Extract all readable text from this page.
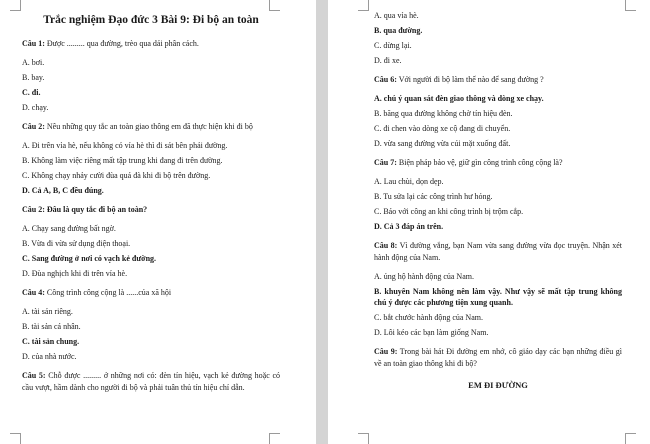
Trắc nghiệm Đạo đức 3 Bài 9: Đi bộ an toàn
Câu 1: Được ......... qua đường, trèo qua dải phân cách.
A. bơi.
B. bay.
C. đi.
D. chạy.
Câu 2: Nêu những quy tắc an toàn giao thông em đã thực hiện khi đi bộ
A. Đi trên vỉa hè, nếu không có vỉa hè thì đi sát bên phải đường.
B. Không làm việc riêng mất tập trung khi đang đi trên đường.
C. Không chạy nhảy cười đùa quá đà khi đi bộ trên đường.
D. Cả A, B, C đều đúng.
Câu 2: Đâu là quy tắc đi bộ an toàn?
A. Chạy sang đường bất ngờ.
B. Vừa đi vừa sử dụng điện thoại.
C. Sang đường ở nơi có vạch kẻ đường.
D. Đùa nghịch khi đi trên vỉa hè.
Câu 4: Công trình công cộng là ......của xã hội
A. tài sản riêng.
B. tài sản cá nhân.
C. tài sản chung.
D. của nhà nước.
Câu 5: Chỗ được ......... ở những nơi có: đèn tín hiệu, vạch kẻ đường hoặc có cầu vượt, hầm dành cho người đi bộ và phải tuân thủ tín hiệu chỉ dẫn.
A. qua vỉa hè.
B. qua đường.
C. dừng lại.
D. đi xe.
Câu 6: Với người đi bộ làm thế nào để sang đường ?
A. chú ý quan sát đèn giao thông và dòng xe chạy.
B. băng qua đường không chờ tín hiệu đèn.
C. đi chen vào dòng xe cộ đang di chuyển.
D. vừa sang đường vừa cúi mặt xuống đất.
Câu 7: Biện pháp bảo vệ, giữ gìn công trình công cộng là?
A. Lau chùi, dọn dẹp.
B. Tu sửa lại các công trình hư hỏng.
C. Báo với công an khi công trình bị trộm cắp.
D. Cả 3 đáp án trên.
Câu 8: Vì đường vắng, bạn Nam vừa sang đường vừa đọc truyện. Nhận xét hành động của Nam.
A. ủng hộ hành động của Nam.
B. khuyên Nam không nên làm vậy. Như vậy sẽ mất tập trung không chú ý được các phương tiện xung quanh.
C. bắt chước hành động của Nam.
D. Lôi kéo các bạn làm giống Nam.
Câu 9: Trong bài hát Đi đường em nhớ, cô giáo dạy các bạn những điều gì về an toàn giao thông khi đi bộ?
EM ĐI ĐƯỜNG
